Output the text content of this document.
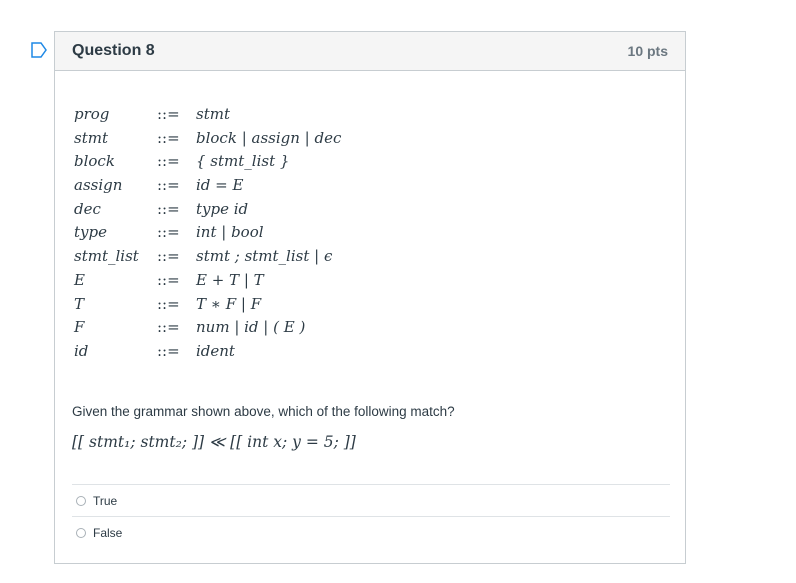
Question 8	10 pts
prog	::= stmt
stmt	::= block | assign | dec
block	::= { stmt_list }
assign ::= id = E
dec	::= type id
type	::= int | bool
stmt_list ::= stmt ; stmt_list | ϵ
E	::= E + T | T
T	::= T ∗ F | F
F	::= num | id | ( E )
id	::= ident
Given the grammar shown above, which of the following match?
[[ stmt₁; stmt₂; ]] ≪ [[ int x; y = 5; ]]
True
False
